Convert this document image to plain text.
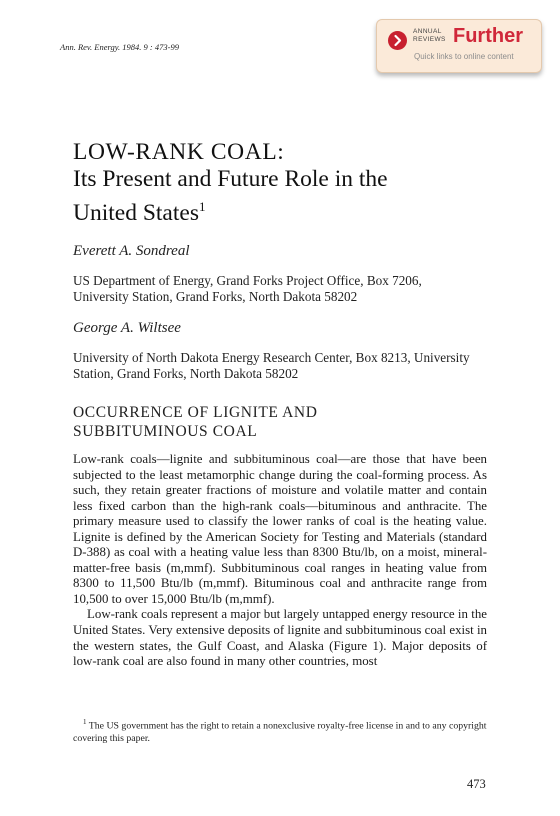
Ann. Rev. Energy. 1984. 9 : 473-99
ANNUAL
REVIEWS Further
Quick links to online content
LOW-RANK COAL:
Its Present and Future Role in the
United States$^1$
Everett A. Sondreal
US Department of Energy, Grand Forks Project Office, Box 7206,
University Station, Grand Forks, North Dakota 58202
George A. Wiltsee
University of North Dakota Energy Research Center, Box 8213, University
Station, Grand Forks, North Dakota 58202
OCCURRENCE OF LIGNITE AND
SUBBITUMINOUS COAL

Low-rank coals—lignite and subbituminous coal—are those that have been subjected to the least metamorphic change during the coal-forming process. As such, they retain greater fractions of moisture and volatile matter and contain less fixed carbon than the high-rank coals—bituminous and anthracite. The primary measure used to classify the lower ranks of coal is the heating value. Lignite is defined by the American Society for Testing and Materials (standard D-388) as coal with a heating value less than 8300 Btu/lb, on a moist, mineral-matter-free basis (m,mmf). Subbituminous coal ranges in heating value from 8300 to 11,500 Btu/lb (m,mmf). Bituminous coal and anthracite range from 10,500 to over 15,000 Btu/lb (m,mmf).

Low-rank coals represent a major but largely untapped energy resource in the United States. Very extensive deposits of lignite and subbituminous coal exist in the western states, the Gulf Coast, and Alaska (Figure 1). Major deposits of low-rank coal are also found in many other countries, most

$^1$ The US government has the right to retain a nonexclusive royalty-free license in and to any copyright covering this paper.

473
